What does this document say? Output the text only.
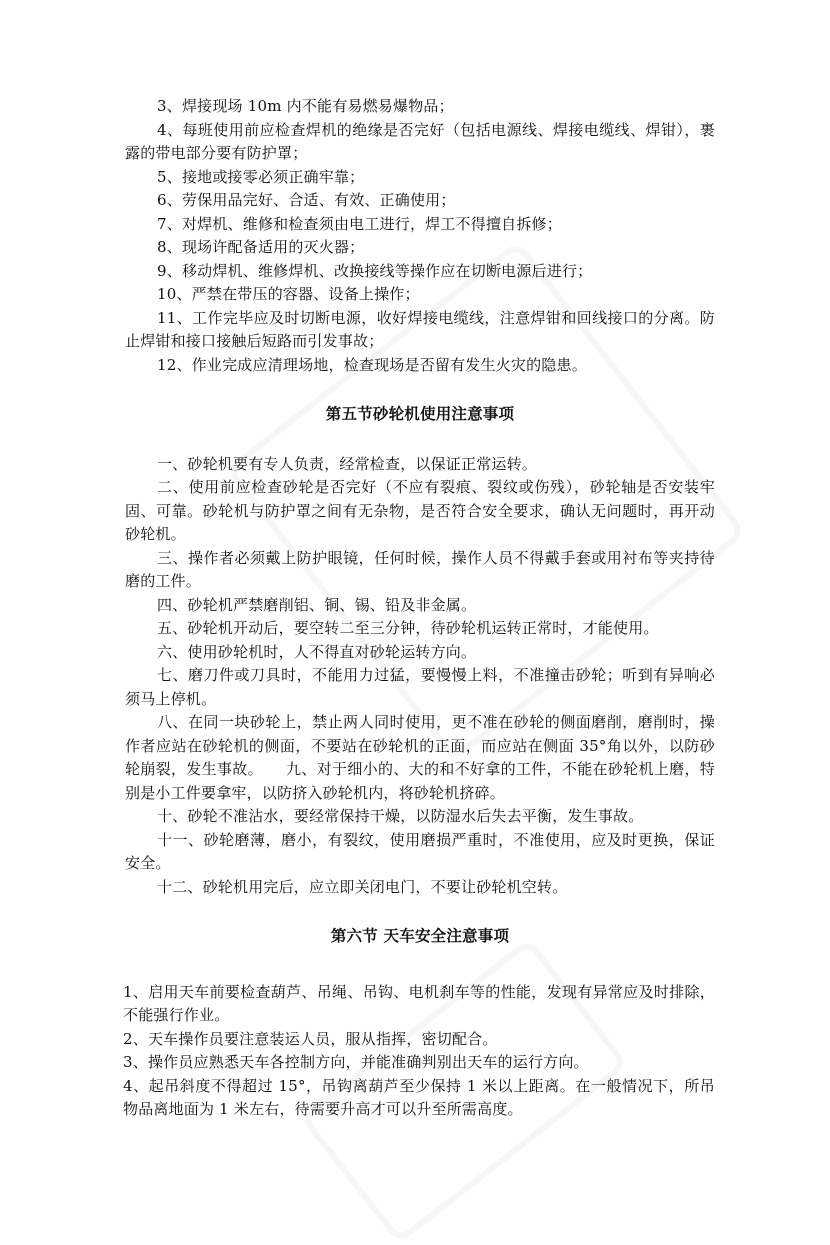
3、焊接现场 10m 内不能有易燃易爆物品；

4、每班使用前应检查焊机的绝缘是否完好（包括电源线、焊接电缆线、焊钳），裹露的带电部分要有防护罩；

5、接地或接零必须正确牢靠；

6、劳保用品完好、合适、有效、正确使用；

7、对焊机、维修和检查须由电工进行，焊工不得擅自拆修；

8、现场许配备适用的灭火器；

9、移动焊机、维修焊机、改换接线等操作应在切断电源后进行；

10、严禁在带压的容器、设备上操作；

11、工作完毕应及时切断电源，收好焊接电缆线，注意焊钳和回线接口的分离。防止焊钳和接口接触后短路而引发事故；

12、作业完成应清理场地，检查现场是否留有发生火灾的隐患。

第五节砂轮机使用注意事项

一、砂轮机要有专人负责，经常检查，以保证正常运转。

二、使用前应检查砂轮是否完好（不应有裂痕、裂纹或伤残），砂轮轴是否安装牢固、可靠。砂轮机与防护罩之间有无杂物，是否符合安全要求，确认无问题时，再开动砂轮机。

三、操作者必须戴上防护眼镜，任何时候，操作人员不得戴手套或用衬布等夹持待磨的工件。

四、砂轮机严禁磨削铝、铜、锡、铅及非金属。

五、砂轮机开动后，要空转二至三分钟，待砂轮机运转正常时，才能使用。

六、使用砂轮机时，人不得直对砂轮运转方向。

七、磨刀件或刀具时，不能用力过猛，要慢慢上料，不准撞击砂轮；听到有异响必须马上停机。

八、在同一块砂轮上，禁止两人同时使用，更不准在砂轮的侧面磨削，磨削时，操作者应站在砂轮机的侧面，不要站在砂轮机的正面，而应站在侧面 35°角以外，以防砂轮崩裂，发生事故。　　九、对于细小的、大的和不好拿的工件，不能在砂轮机上磨，特别是小工件要拿牢，以防挤入砂轮机内，将砂轮机挤碎。

十、砂轮不准沾水，要经常保持干燥，以防湿水后失去平衡，发生事故。

十一、砂轮磨薄，磨小，有裂纹，使用磨损严重时，不准使用，应及时更换，保证安全。

十二、砂轮机用完后，应立即关闭电门，不要让砂轮机空转。

第六节 天车安全注意事项

1、启用天车前要检查葫芦、吊绳、吊钩、电机刹车等的性能，发现有异常应及时排除，不能强行作业。

2、天车操作员要注意装运人员，服从指挥，密切配合。

3、操作员应熟悉天车各控制方向，并能准确判别出天车的运行方向。

4、起吊斜度不得超过 15°，吊钩离葫芦至少保持 1 米以上距离。在一般情况下，所吊物品离地面为 1 米左右，待需要升高才可以升至所需高度。
